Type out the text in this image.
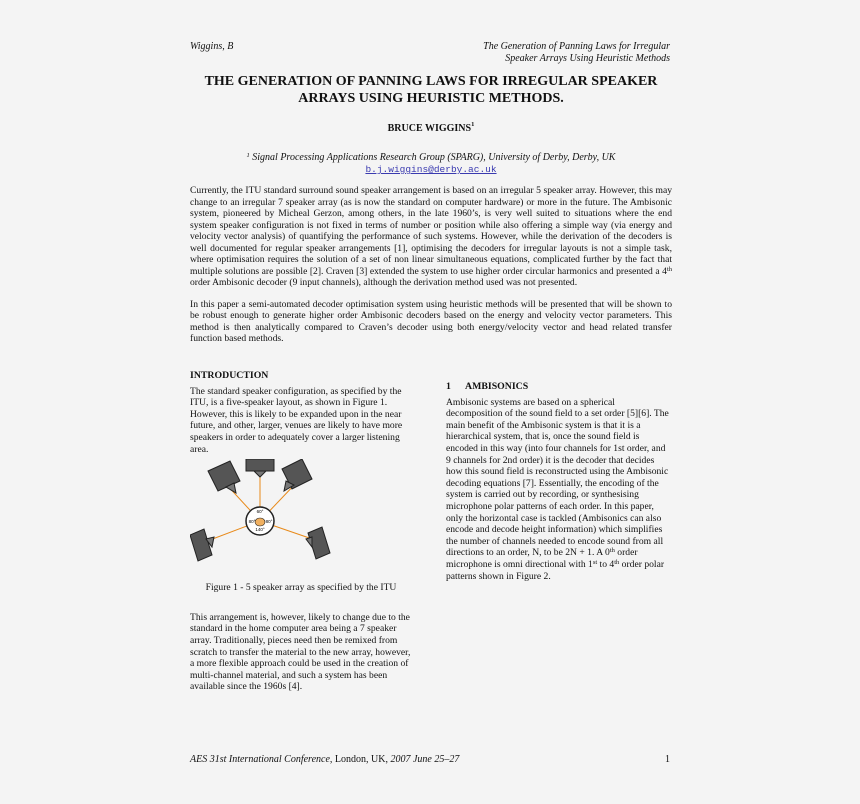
Wiggins, B	The Generation of Panning Laws for Irregular
Speaker Arrays Using Heuristic Methods
THE GENERATION OF PANNING LAWS FOR IRREGULAR SPEAKER
ARRAYS USING HEURISTIC METHODS.
BRUCE WIGGINS$^1$
$^1$ Signal Processing Applications Research Group (SPARG), University of Derby, Derby, UK
b.j.wiggins@derby.ac.uk

Currently, the ITU standard surround sound speaker arrangement is based on an irregular 5 speaker array. However, this may change to an irregular 7 speaker array (as is now the standard on computer hardware) or more in the future. The Ambisonic system, pioneered by Micheal Gerzon, among others, in the late 1960’s, is very well suited to situations where the end system speaker configuration is not fixed in terms of number or position while also offering a simple way (via energy and velocity vector analysis) of quantifying the performance of such systems. However, while the derivation of the decoders is well documented for regular speaker arrangements [1], optimising the decoders for irregular layouts is not a simple task, where optimisation requires the solution of a set of non linear simultaneous equations, complicated further by the fact that multiple solutions are possible [2]. Craven [3] extended the system to use higher order circular harmonics and presented a 4th order Ambisonic decoder (9 input channels), although the derivation method used was not presented.

In this paper a semi-automated decoder optimisation system using heuristic methods will be presented that will be shown to be robust enough to generate higher order Ambisonic decoders based on the energy and velocity vector parameters. This method is then analytically compared to Craven’s decoder using both energy/velocity vector and head related transfer function based methods.

INTRODUCTION

The standard speaker configuration, as specified by the ITU, is a five-speaker layout, as shown in Figure 1. However, this is likely to be expanded upon in the near future, and other, larger, venues are likely to have more speakers in order to adequately cover a larger listening area.

60°
80° 80°
140°
Figure 1 - 5 speaker array as specified by the ITU

This arrangement is, however, likely to change due to the standard in the home computer area being a 7 speaker array. Traditionally, pieces need then be remixed from scratch to transfer the material to the new array, however, a more flexible approach could be used in the creation of multi-channel material, and such a system has been available since the 1960s [4].

1      AMBISONICS

Ambisonic systems are based on a spherical decomposition of the sound field to a set order [5][6]. The main benefit of the Ambisonic system is that it is a hierarchical system, that is, once the sound field is encoded in this way (into four channels for 1st order, and 9 channels for 2nd order) it is the decoder that decides how this sound field is reconstructed using the Ambisonic decoding equations [7]. Essentially, the encoding of the system is carried out by recording, or synthesising microphone polar patterns of each order. In this paper, only the horizontal case is tackled (Ambisonics can also encode and decode height information) which simplifies the number of channels needed to encode sound from all directions to an order, N, to be 2N + 1. A 0th order microphone is omni directional with 1st to 4th order polar patterns shown in Figure 2.

AES 31st International Conference, London, UK, 2007 June 25–27	1
